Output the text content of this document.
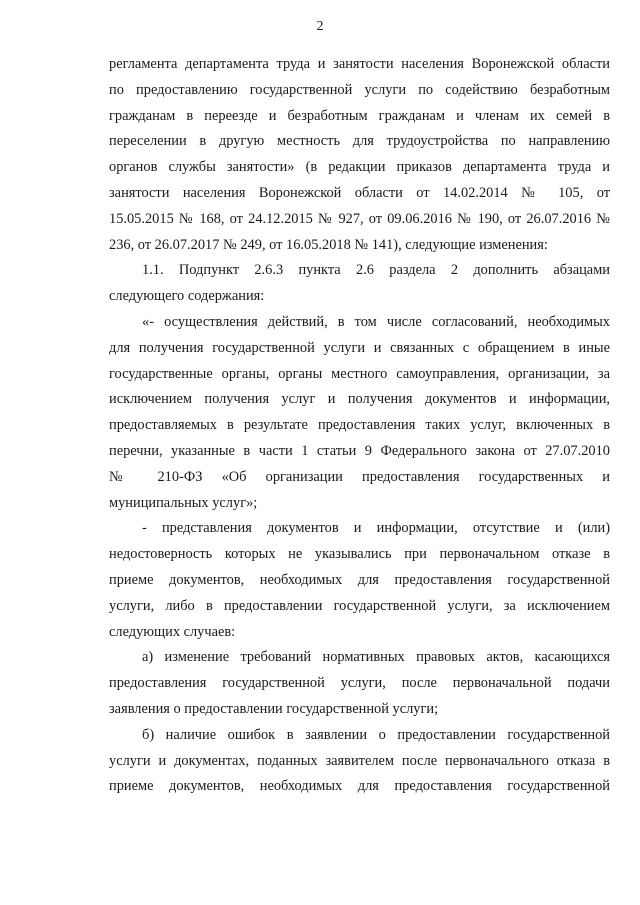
2
регламента департамента труда и занятости населения Воронежской области
по предоставлению государственной услуги по содействию безработным
гражданам в переезде и безработным гражданам и членам их семей в
переселении в другую местность для трудоустройства по направлению
органов службы занятости» (в редакции приказов департамента труда и
занятости населения Воронежской области от 14.02.2014 № 105, от
15.05.2015 № 168, от 24.12.2015 № 927, от 09.06.2016 № 190, от 26.07.2016 №
236, от 26.07.2017 № 249, от 16.05.2018 № 141), следующие изменения:
1.1. Подпункт 2.6.3 пункта 2.6 раздела 2 дополнить абзацами
следующего содержания:
«- осуществления действий, в том числе согласований, необходимых
для получения государственной услуги и связанных с обращением в иные
государственные органы, органы местного самоуправления, организации, за
исключением получения услуг и получения документов и информации,
предоставляемых в результате предоставления таких услуг, включенных в
перечни, указанные в части 1 статьи 9 Федерального закона от 27.07.2010
№ 210-ФЗ «Об организации предоставления государственных и
муниципальных услуг»;
- представления документов и информации, отсутствие и (или)
недостоверность которых не указывались при первоначальном отказе в
приеме документов, необходимых для предоставления государственной
услуги, либо в предоставлении государственной услуги, за исключением
следующих случаев:
а) изменение требований нормативных правовых актов, касающихся
предоставления государственной услуги, после первоначальной подачи
заявления о предоставлении государственной услуги;
б) наличие ошибок в заявлении о предоставлении государственной
услуги и документах, поданных заявителем после первоначального отказа в
приеме документов, необходимых для предоставления государственной
